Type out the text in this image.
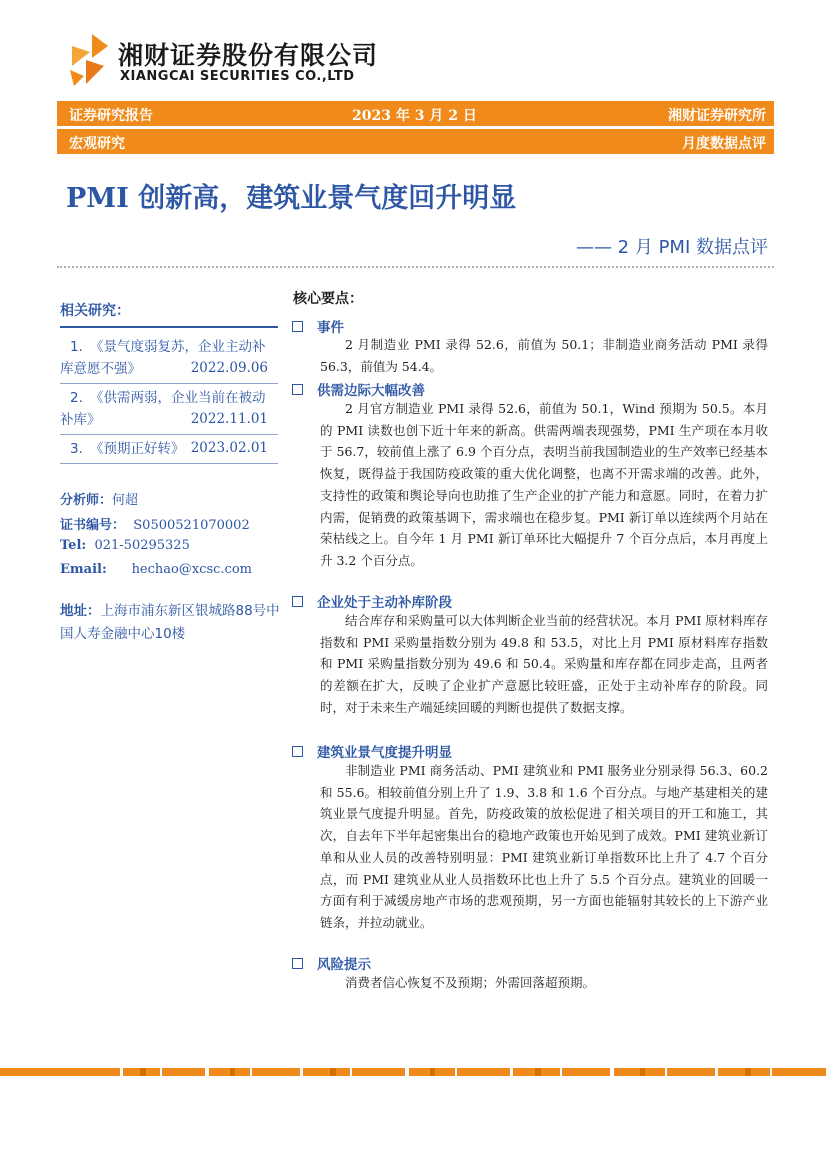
湘财证券股份有限公司
XIANGCAI SECURITIES CO.,LTD
证券研究报告	2023 年 3 月 2 日	湘财证券研究所
宏观研究	月度数据点评
PMI 创新高，建筑业景气度回升明显
—— 2 月 PMI 数据点评
相关研究：
1. 《景气度弱复苏，企业主动补库意愿不强》	2022.09.06
2. 《供需两弱，企业当前在被动补库》	2022.11.01
3. 《预期正好转》 2023.02.01
分析师：何超
证书编号： S0500521070002
Tel: 021-50295325
Email: hechao@xcsc.com
地址：上海市浦东新区银城路88号中国人寿金融中心10楼
核心要点：
事件
2 月制造业 PMI 录得 52.6，前值为 50.1；非制造业商务活动 PMI 录得 56.3，前值为 54.4。
供需边际大幅改善
2 月官方制造业 PMI 录得 52.6，前值为 50.1，Wind 预期为 50.5。本月的 PMI 读数也创下近十年来的新高。供需两端表现强势，PMI 生产项在本月收于 56.7，较前值上涨了 6.9 个百分点，表明当前我国制造业的生产效率已经基本恢复，既得益于我国防疫政策的重大优化调整，也离不开需求端的改善。此外，支持性的政策和舆论导向也助推了生产企业的扩产能力和意愿。同时，在着力扩内需，促销费的政策基调下，需求端也在稳步复。PMI 新订单以连续两个月站在荣枯线之上。自今年 1 月 PMI 新订单环比大幅提升 7 个百分点后，本月再度上升 3.2 个百分点。
企业处于主动补库阶段
结合库存和采购量可以大体判断企业当前的经营状况。本月 PMI 原材料库存指数和 PMI 采购量指数分别为 49.8 和 53.5，对比上月 PMI 原材料库存指数和 PMI 采购量指数分别为 49.6 和 50.4。采购量和库存都在同步走高，且两者的差额在扩大，反映了企业扩产意愿比较旺盛，正处于主动补库存的阶段。同时，对于未来生产端延续回暖的判断也提供了数据支撑。
建筑业景气度提升明显
非制造业 PMI 商务活动、PMI 建筑业和 PMI 服务业分别录得 56.3、60.2 和 55.6。相较前值分别上升了 1.9、3.8 和 1.6 个百分点。与地产基建相关的建筑业景气度提升明显。首先，防疫政策的放松促进了相关项目的开工和施工，其次，自去年下半年起密集出台的稳地产政策也开始见到了成效。PMI 建筑业新订单和从业人员的改善特别明显：PMI 建筑业新订单指数环比上升了 4.7 个百分点，而 PMI 建筑业从业人员指数环比也上升了 5.5 个百分点。建筑业的回暖一方面有利于减缓房地产市场的悲观预期，另一方面也能辐射其较长的上下游产业链条，并拉动就业。
风险提示
消费者信心恢复不及预期；外需回落超预期。
